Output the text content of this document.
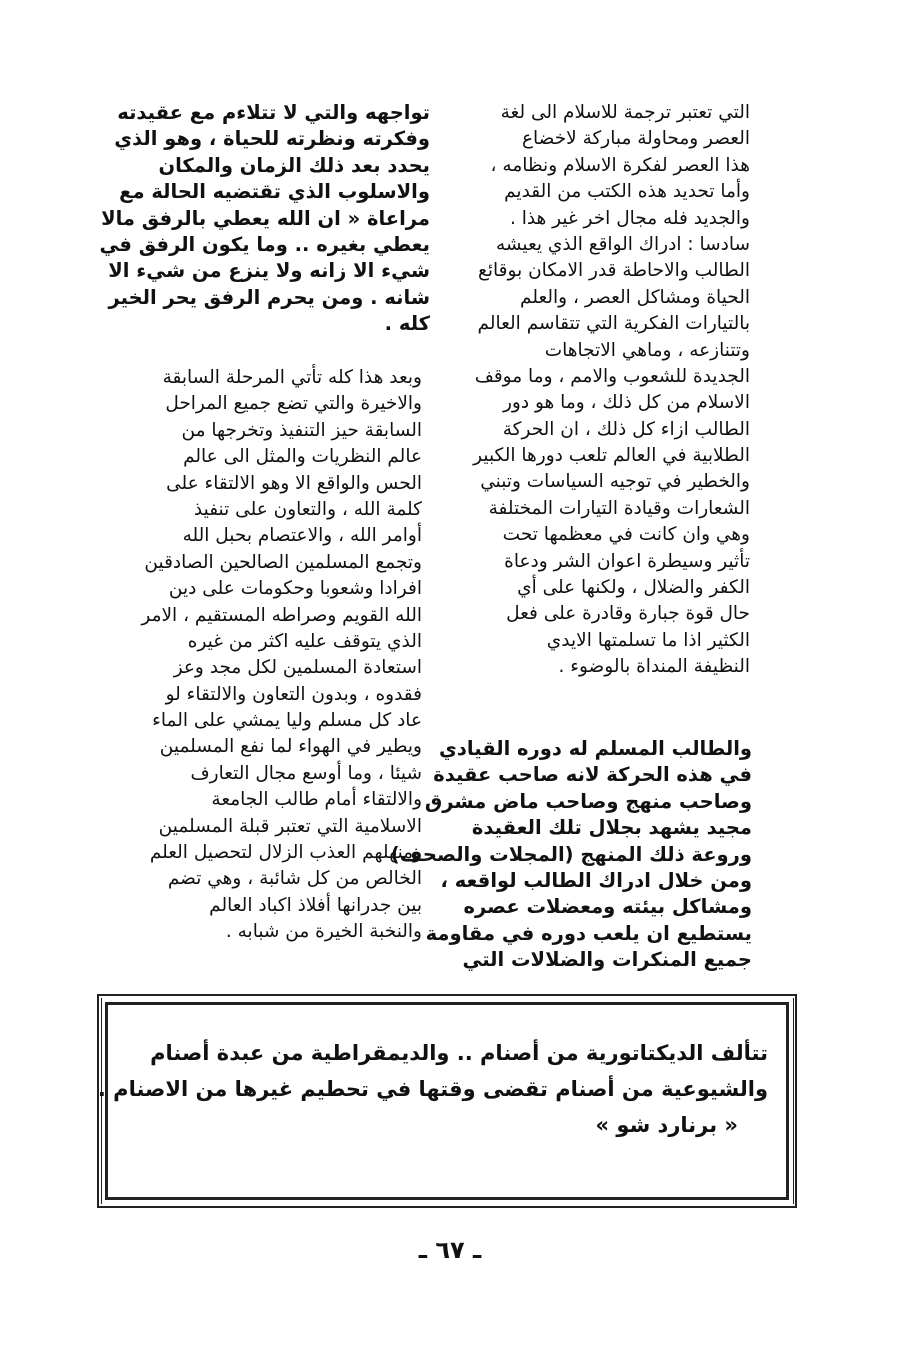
التي تعتبر ترجمة للاسلام الى لغة
العصر ومحاولة مباركة لاخضاع
هذا العصر لفكرة الاسلام ونظامه ،
وأما تحديد هذه الكتب من القديم
والجديد فله مجال اخر غير هذا .
سادسا : ادراك الواقع الذي يعيشه
الطالب والاحاطة قدر الامكان بوقائع
الحياة ومشاكل العصر ، والعلم
بالتيارات الفكرية التي تتقاسم العالم
وتتنازعه ، وماهي الاتجاهات
الجديدة للشعوب والامم ، وما موقف
الاسلام من كل ذلك ، وما هو دور
الطالب ازاء كل ذلك ، ان الحركة
الطلابية في العالم تلعب دورها الكبير
والخطير في توجيه السياسات وتبني
الشعارات وقيادة التيارات المختلفة
وهي وان كانت في معظمها تحت
تأثير وسيطرة اعوان الشر ودعاة
الكفر والضلال ، ولكنها على أي
حال قوة جبارة وقادرة على فعل
الكثير اذا ما تسلمتها الايدي
النظيفة المنداة بالوضوء .
والطالب المسلم له دوره القيادي
في هذه الحركة لانه صاحب عقيدة
وصاحب منهج وصاحب ماض مشرق
مجيد يشهد بجلال تلك العقيدة
وروعة ذلك المنهج (المجلات والصحف)
ومن خلال ادراك الطالب لواقعه ،
ومشاكل بيئته ومعضلات عصره
يستطيع ان يلعب دوره في مقاومة
جميع المنكرات والضلالات التي
تواجهه والتي لا تتلاءم مع عقيدته
وفكرته ونظرته للحياة ، وهو الذي
يحدد بعد ذلك الزمان والمكان
والاسلوب الذي تقتضيه الحالة مع
مراعاة « ان الله يعطي بالرفق مالا
يعطي بغيره .. وما يكون الرفق في
شيء الا زانه ولا ينزع من شيء الا
شانه . ومن يحرم الرفق يحر الخير
كله .
وبعد هذا كله تأتي المرحلة السابقة
والاخيرة والتي تضع جميع المراحل
السابقة حيز التنفيذ وتخرجها من
عالم النظريات والمثل الى عالم
الحس والواقع الا وهو الالتقاء على
كلمة الله ، والتعاون على تنفيذ
أوامر الله ، والاعتصام بحبل الله
وتجمع المسلمين الصالحين الصادقين
افرادا وشعوبا وحكومات على دين
الله القويم وصراطه المستقيم ، الامر
الذي يتوقف عليه اكثر من غيره
استعادة المسلمين لكل مجد وعز
فقدوه ، وبدون التعاون والالتقاء لو
عاد كل مسلم وليا يمشي على الماء
ويطير في الهواء لما نفع المسلمين
شيئا ، وما أوسع مجال التعارف
والالتقاء أمام طالب الجامعة
الاسلامية التي تعتبر قبلة المسلمين
ومنهلهم العذب الزلال لتحصيل العلم
الخالص من كل شائبة ، وهي تضم
بين جدرانها أفلاذ اكباد العالم
والنخبة الخيرة من شبابه .
تتألف الديكتاتورية من أصنام .. والديمقراطية من عبدة أصنام
والشيوعية من أصنام تقضى وقتها في تحطيم غيرها من الاصنام .
« برنارد شو »
ـ ٦٧ ـ
